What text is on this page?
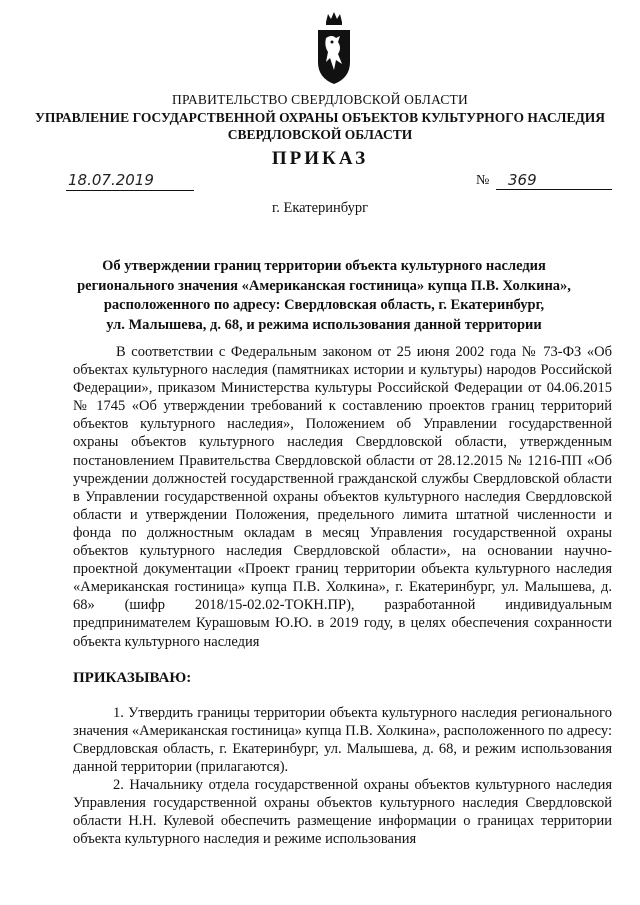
ПРАВИТЕЛЬСТВО СВЕРДЛОВСКОЙ ОБЛАСТИ
УПРАВЛЕНИЕ ГОСУДАРСТВЕННОЙ ОХРАНЫ ОБЪЕКТОВ КУЛЬТУРНОГО НАСЛЕДИЯ
СВЕРДЛОВСКОЙ ОБЛАСТИ
ПРИКАЗ
18.07.2019	№	369
г. Екатеринбург
Об утверждении границ территории объекта культурного наследия
регионального значения «Американская гостиница» купца П.В. Холкина»,
расположенного по адресу: Свердловская область, г. Екатеринбург,
ул. Малышева, д. 68, и режима использования данной территории
В соответствии с Федеральным законом от 25 июня 2002 года № 73-ФЗ «Об объектах культурного наследия (памятниках истории и культуры) народов Российской Федерации», приказом Министерства культуры Российской Федерации от 04.06.2015 № 1745 «Об утверждении требований к составлению проектов границ территорий объектов культурного наследия», Положением об Управлении государственной охраны объектов культурного наследия Свердловской области, утвержденным постановлением Правительства Свердловской области от 28.12.2015 № 1216-ПП «Об учреждении должностей государственной гражданской службы Свердловской области в Управлении государственной охраны объектов культурного наследия Свердловской области и утверждении Положения, предельного лимита штатной численности и фонда по должностным окладам в месяц Управления государственной охраны объектов культурного наследия Свердловской области», на основании научно-проектной документации «Проект границ территории объекта культурного наследия «Американская гостиница» купца П.В. Холкина», г. Екатеринбург, ул. Малышева, д. 68» (шифр 2018/15-02.02-ТОКН.ПР), разработанной индивидуальным предпринимателем Курашовым Ю.Ю. в 2019 году, в целях обеспечения сохранности объекта культурного наследия
ПРИКАЗЫВАЮ:
1. Утвердить границы территории объекта культурного наследия регионального значения «Американская гостиница» купца П.В. Холкина», расположенного по адресу: Свердловская область, г. Екатеринбург, ул. Малышева, д. 68, и режим использования данной территории (прилагаются).
2. Начальнику отдела государственной охраны объектов культурного наследия Управления государственной охраны объектов культурного наследия Свердловской области Н.Н. Кулевой обеспечить размещение информации о границах территории объекта культурного наследия и режиме использования
